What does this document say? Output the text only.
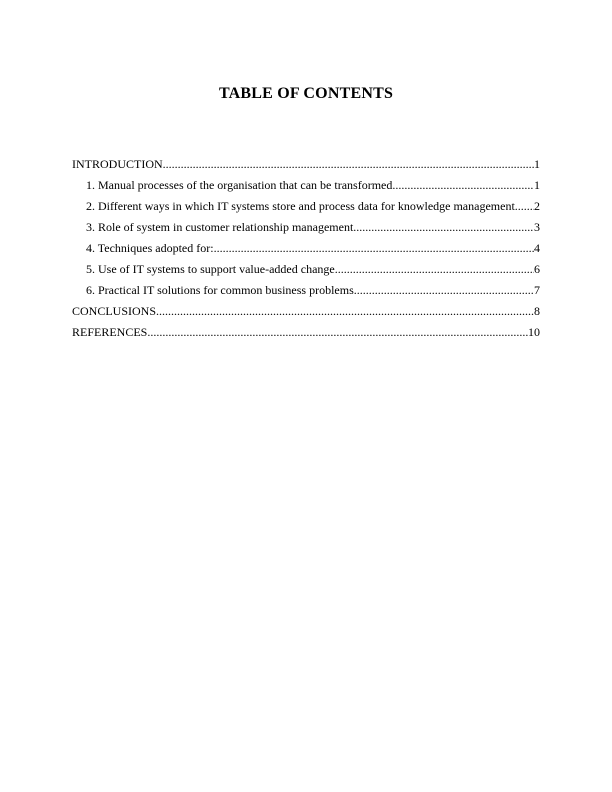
TABLE OF CONTENTS
INTRODUCTION .....	1
1. Manual processes of the organisation that can be transformed .....	1
2. Different ways in which IT systems store and process data for knowledge management ..... 2
3. Role of system in customer relationship management .....	3
4. Techniques adopted for: .....	4
5. Use of IT systems to support value-added change .....	6
6. Practical IT solutions for common business problems .....	7
CONCLUSIONS .....	8
REFERENCES .....	10
